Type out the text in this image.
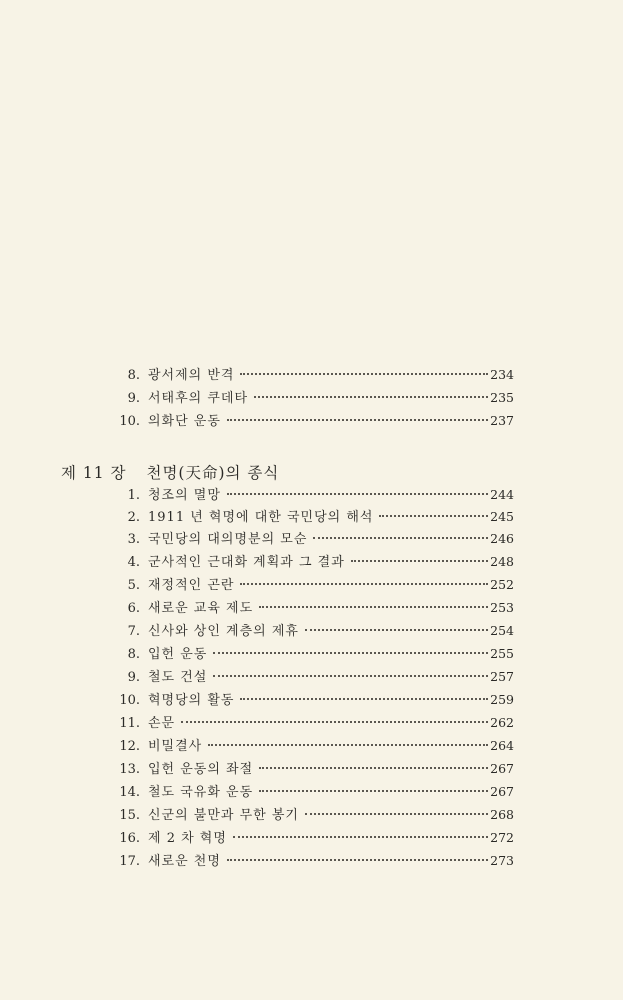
8. 광서제의 반격	234
9. 서태후의 쿠데타	235
10. 의화단 운동	237
제 11 장 천명(天命)의 종식
1. 청조의 멸망	244
2. 1911 년 혁명에 대한 국민당의 해석	245
3. 국민당의 대의명분의 모순	246
4. 군사적인 근대화 계획과 그 결과	248
5. 재정적인 곤란	252
6. 새로운 교육 제도	253
7. 신사와 상인 계층의 제휴	254
8. 입헌 운동	255
9. 철도 건설	257
10. 혁명당의 활동	259
11. 손문	262
12. 비밀결사	264
13. 입헌 운동의 좌절	267
14. 철도 국유화 운동	267
15. 신군의 불만과 무한 봉기	268
16. 제 2 차 혁명	272
17. 새로운 천명	273
